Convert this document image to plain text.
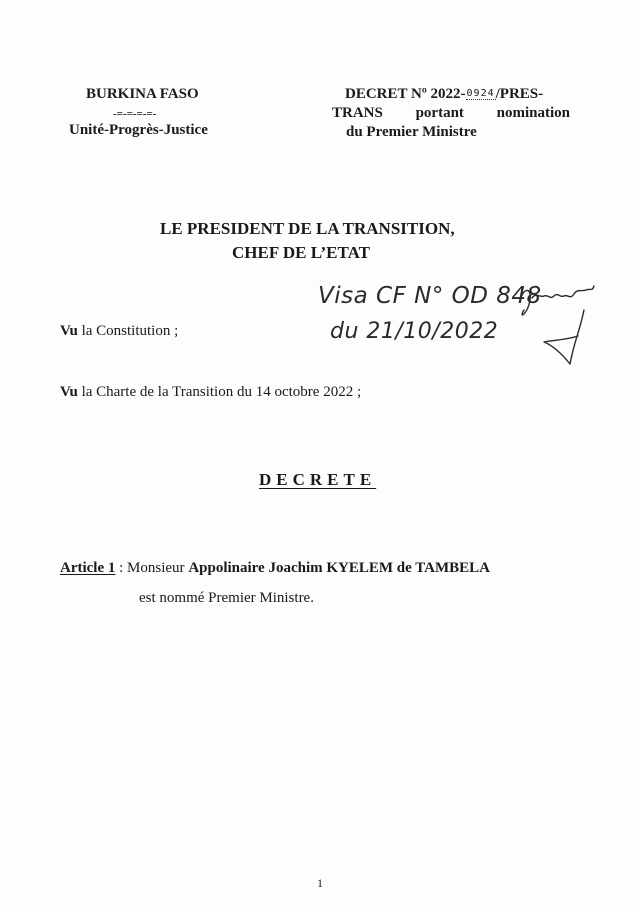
BURKINA FASO
-=-=-=-=-
Unité-Progrès-Justice
DECRET Nº 2022-0924/PRES-
TRANS portant nomination
du Premier Ministre
LE PRESIDENT DE LA TRANSITION,
CHEF DE L’ETAT
Visa CF N° OD 848
du 21/10/2022
Vu la Constitution ;
Vu la Charte de la Transition du 14 octobre 2022 ;
DECRETE
Article 1 : Monsieur Appolinaire Joachim KYELEM de TAMBELA
est nommé Premier Ministre.
1
